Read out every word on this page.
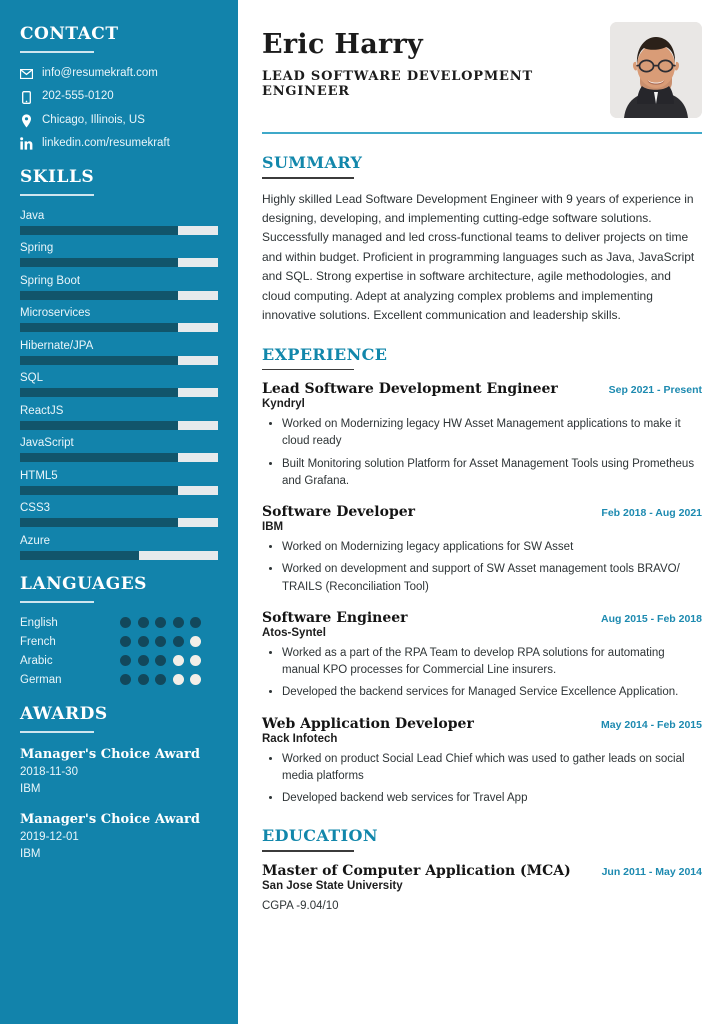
CONTACT
info@resumekraft.com
202-555-0120
Chicago, Illinois, US
linkedin.com/resumekraft
SKILLS
Java
Spring
Spring Boot
Microservices
Hibernate/JPA
SQL
ReactJS
JavaScript
HTML5
CSS3
Azure
LANGUAGES
English
French
Arabic
German
AWARDS
Manager's Choice Award
2018-11-30
IBM
Manager's Choice Award
2019-12-01
IBM
Eric Harry
LEAD SOFTWARE DEVELOPMENT ENGINEER
SUMMARY

Highly skilled Lead Software Development Engineer with 9 years of experience in designing, developing, and implementing cutting-edge software solutions. Successfully managed and led cross-functional teams to deliver projects on time and within budget. Proficient in programming languages such as Java, JavaScript and SQL. Strong expertise in software architecture, agile methodologies, and cloud computing. Adept at analyzing complex problems and implementing innovative solutions. Excellent communication and leadership skills.

EXPERIENCE
Lead Software Development Engineer	Sep 2021 - Present
Kyndryl
• Worked on Modernizing legacy HW Asset Management applications to make it cloud ready
• Built Monitoring solution Platform for Asset Management Tools using Prometheus and Grafana.
Software Developer	Feb 2018 - Aug 2021
IBM
• Worked on Modernizing legacy applications for SW Asset
• Worked on development and support of SW Asset management tools BRAVO/ TRAILS (Reconciliation Tool)
Software Engineer	Aug 2015 - Feb 2018
Atos-Syntel
• Worked as a part of the RPA Team to develop RPA solutions for automating manual KPO processes for Commercial Line insurers.
• Developed the backend services for Managed Service Excellence Application.
Web Application Developer	May 2014 - Feb 2015
Rack Infotech
• Worked on product Social Lead Chief which was used to gather leads on social media platforms
• Developed backend web services for Travel App
EDUCATION
Master of Computer Application (MCA)	Jun 2011 - May 2014
San Jose State University
CGPA -9.04/10
